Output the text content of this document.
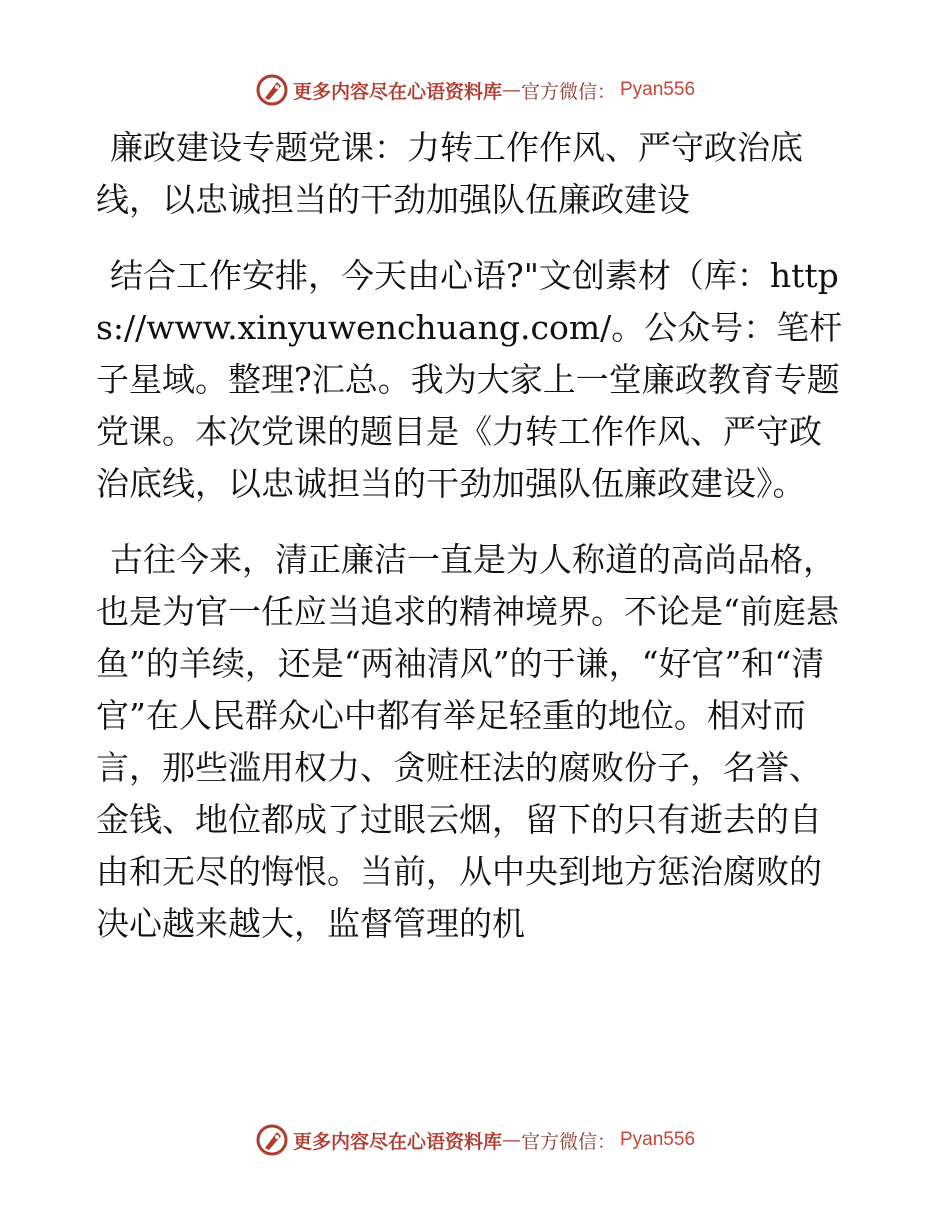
更多内容尽在心语资料库 — 官方微信： Pyan556

廉政建设专题党课：力转工作作风、严守政治底线，以忠诚担当的干劲加强队伍廉政建设

结合工作安排，今天由心语?"文创素材（库：https://www.xinyuwenchuang.com/。公众号：笔杆子星域。整理?汇总。我为大家上一堂廉政教育专题党课。本次党课的题目是《力转工作作风、严守政治底线，以忠诚担当的干劲加强队伍廉政建设》。

古往今来，清正廉洁一直是为人称道的高尚品格，也是为官一任应当追求的精神境界。不论是“前庭悬鱼”的羊续，还是“两袖清风”的于谦，“好官”和“清官”在人民群众心中都有举足轻重的地位。相对而言，那些滥用权力、贪赃枉法的腐败份子，名誉、金钱、地位都成了过眼云烟，留下的只有逝去的自由和无尽的悔恨。当前，从中央到地方惩治腐败的决心越来越大，监督管理的机

更多内容尽在心语资料库 — 官方微信： Pyan556
